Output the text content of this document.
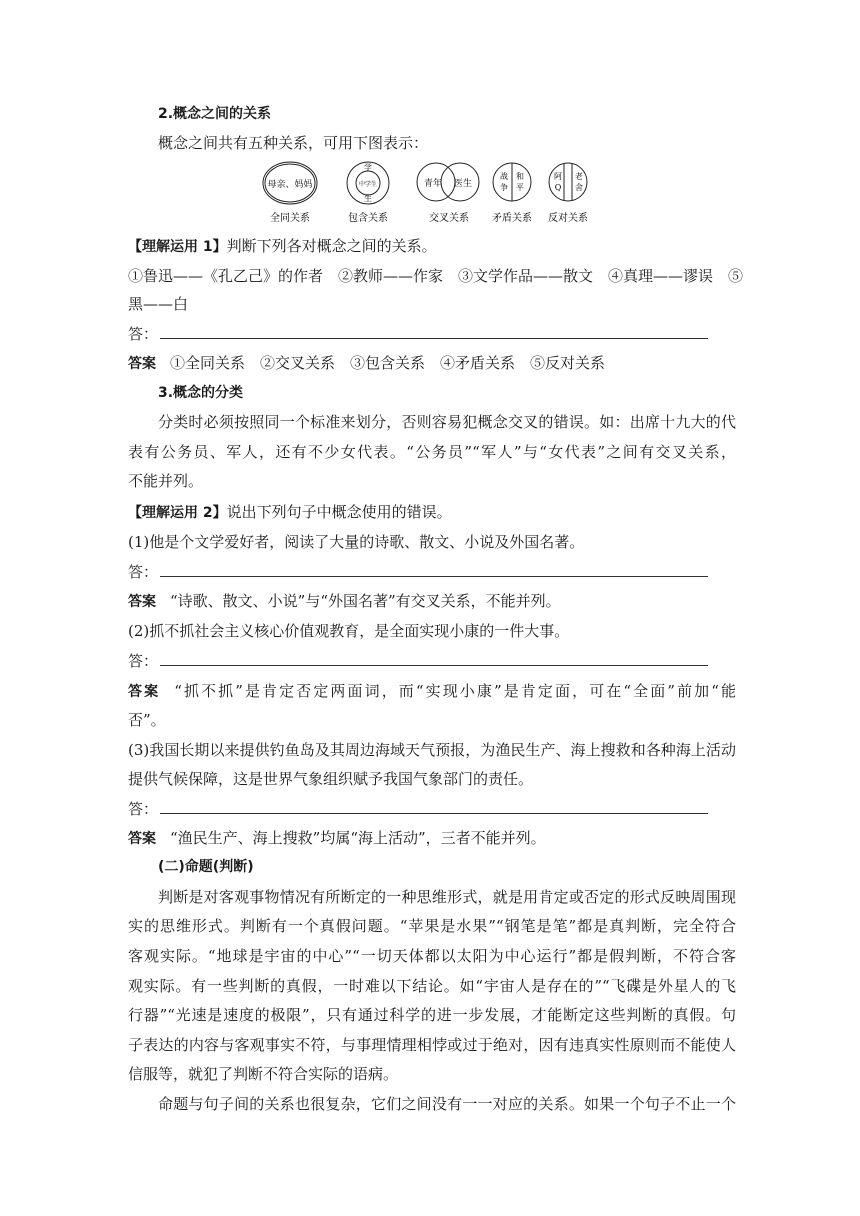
2.概念之间的关系
概念之间共有五种关系，可用下图表示：
母亲、妈妈
全同关系
学
中学生
生
包含关系
青年 医生
交叉关系
战
争
和
平
矛盾关系
阿
Q
老
舍
反对关系
【理解运用 1】判断下列各对概念之间的关系。
①鲁迅——《孔乙己》的作者　②教师——作家　③文学作品——散文　④真理——谬误　⑤
黑——白
答：
答案 ①全同关系　②交叉关系　③包含关系　④矛盾关系　⑤反对关系
3.概念的分类
分类时必须按照同一个标准来划分，否则容易犯概念交叉的错误。如：出席十九大的代
表有公务员、军人，还有不少女代表。“公务员”“军人”与“女代表”之间有交叉关系，
不能并列。
【理解运用 2】说出下列句子中概念使用的错误。
(1)他是个文学爱好者，阅读了大量的诗歌、散文、小说及外国名著。
答：
答案 “诗歌、散文、小说”与“外国名著”有交叉关系，不能并列。
(2)抓不抓社会主义核心价值观教育，是全面实现小康的一件大事。
答：
答案 “抓不抓”是肯定否定两面词，而“实现小康”是肯定面，可在“全面”前加“能
否”。
(3)我国长期以来提供钓鱼岛及其周边海域天气预报，为渔民生产、海上搜救和各种海上活动
提供气候保障，这是世界气象组织赋予我国气象部门的责任。
答：
答案 “渔民生产、海上搜救”均属“海上活动”，三者不能并列。
(二)命题(判断)
判断是对客观事物情况有所断定的一种思维形式，就是用肯定或否定的形式反映周围现
实的思维形式。判断有一个真假问题。“苹果是水果”“钢笔是笔”都是真判断，完全符合
客观实际。“地球是宇宙的中心”“一切天体都以太阳为中心运行”都是假判断，不符合客
观实际。有一些判断的真假，一时难以下结论。如“宇宙人是存在的”“飞碟是外星人的飞
行器”“光速是速度的极限”，只有通过科学的进一步发展，才能断定这些判断的真假。句
子表达的内容与客观事实不符，与事理情理相悖或过于绝对，因有违真实性原则而不能使人
信服等，就犯了判断不符合实际的语病。
命题与句子间的关系也很复杂，它们之间没有一一对应的关系。如果一个句子不止一个
